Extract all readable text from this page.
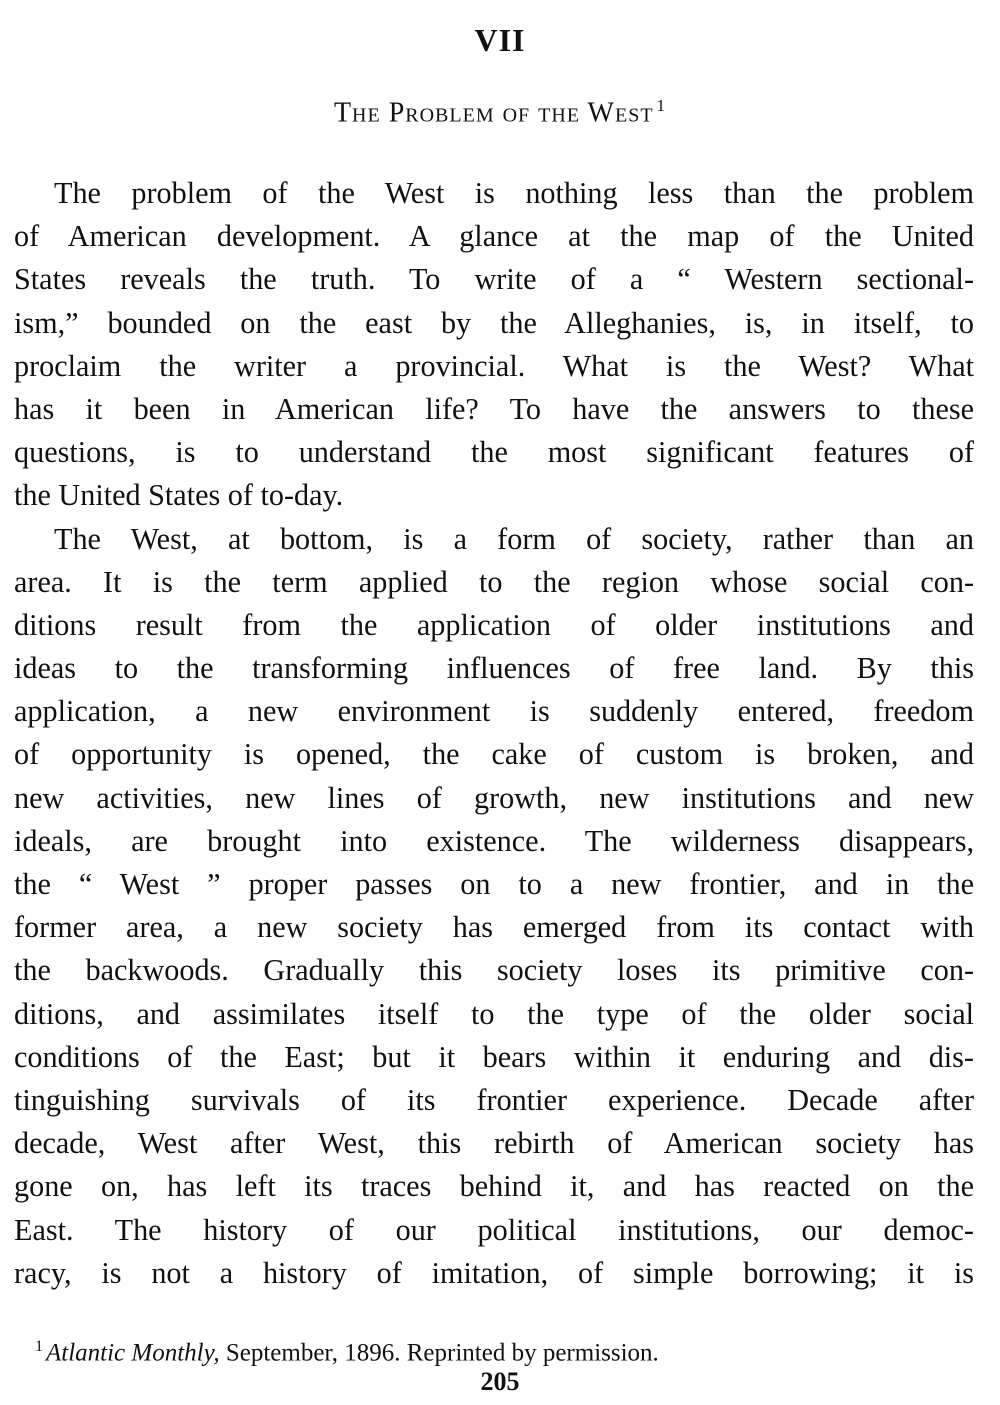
VII
The Problem of the West $^1$
The problem of the West is nothing less than the problem
of American development. A glance at the map of the United
States reveals the truth. To write of a “ Western sectional-
ism,” bounded on the east by the Alleghanies, is, in itself, to
proclaim the writer a provincial. What is the West? What
has it been in American life? To have the answers to these
questions, is to understand the most significant features of
the United States of to-day.
The West, at bottom, is a form of society, rather than an
area. It is the term applied to the region whose social con-
ditions result from the application of older institutions and
ideas to the transforming influences of free land. By this
application, a new environment is suddenly entered, freedom
of opportunity is opened, the cake of custom is broken, and
new activities, new lines of growth, new institutions and new
ideals, are brought into existence. The wilderness disappears,
the “ West ” proper passes on to a new frontier, and in the
former area, a new society has emerged from its contact with
the backwoods. Gradually this society loses its primitive con-
ditions, and assimilates itself to the type of the older social
conditions of the East; but it bears within it enduring and dis-
tinguishing survivals of its frontier experience. Decade after
decade, West after West, this rebirth of American society has
gone on, has left its traces behind it, and has reacted on the
East. The history of our political institutions, our democ-
racy, is not a history of imitation, of simple borrowing; it is
$^1$ Atlantic Monthly, September, 1896. Reprinted by permission.
205
